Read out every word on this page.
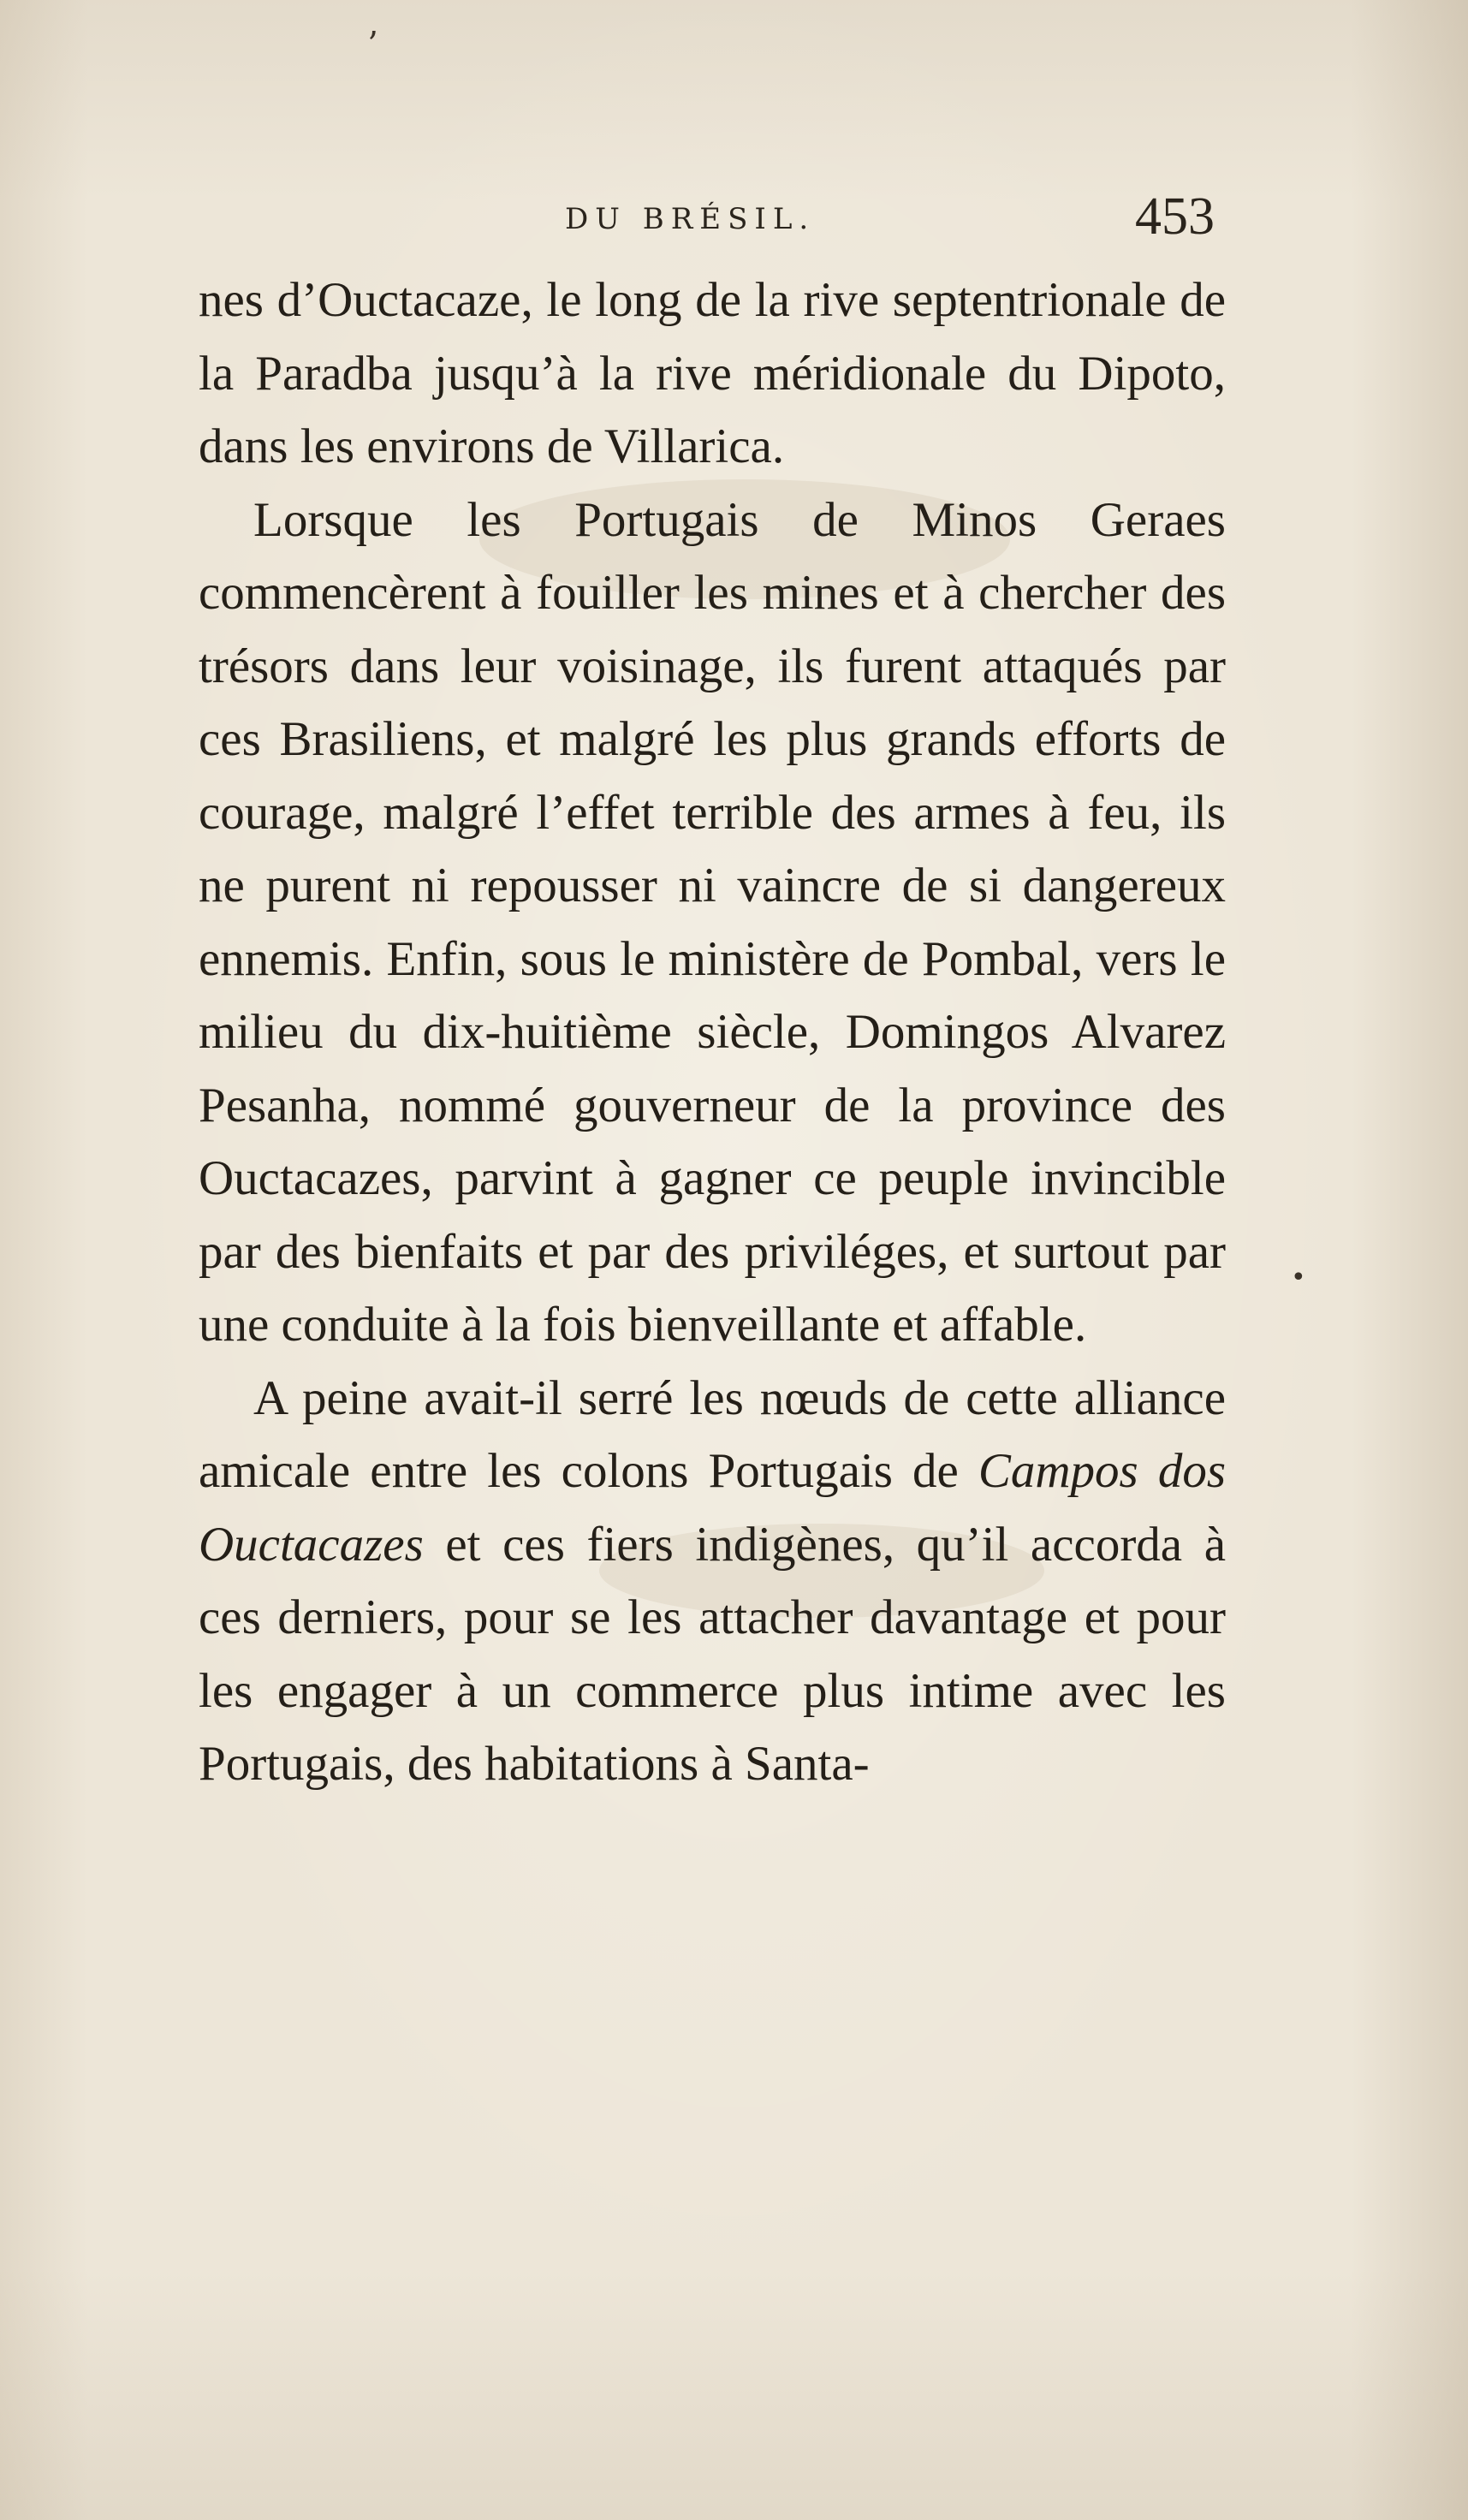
ʼ
•
DU BRÉSIL.	453

nes d’Ouctacaze, le long de la rive septentrionale de la Paradba jusqu’à la rive méridionale du Dipoto, dans les environs de Villarica.

Lorsque les Portugais de Minos Geraes commencèrent à fouiller les mines et à chercher des trésors dans leur voisinage, ils furent attaqués par ces Brasiliens, et malgré les plus grands efforts de courage, malgré l’effet terrible des armes à feu, ils ne purent ni repousser ni vaincre de si dangereux ennemis. Enfin, sous le ministère de Pombal, vers le milieu du dix-huitième siècle, Domingos Alvarez Pesanha, nommé gouverneur de la province des Ouctacazes, parvint à gagner ce peuple invincible par des bienfaits et par des priviléges, et surtout par une conduite à la fois bienveillante et affable.

A peine avait-il serré les nœuds de cette alliance amicale entre les colons Portugais de Campos dos Ouctacazes et ces fiers indigènes, qu’il accorda à ces derniers, pour se les attacher davantage et pour les engager à un commerce plus intime avec les Portugais, des habitations à Santa-
